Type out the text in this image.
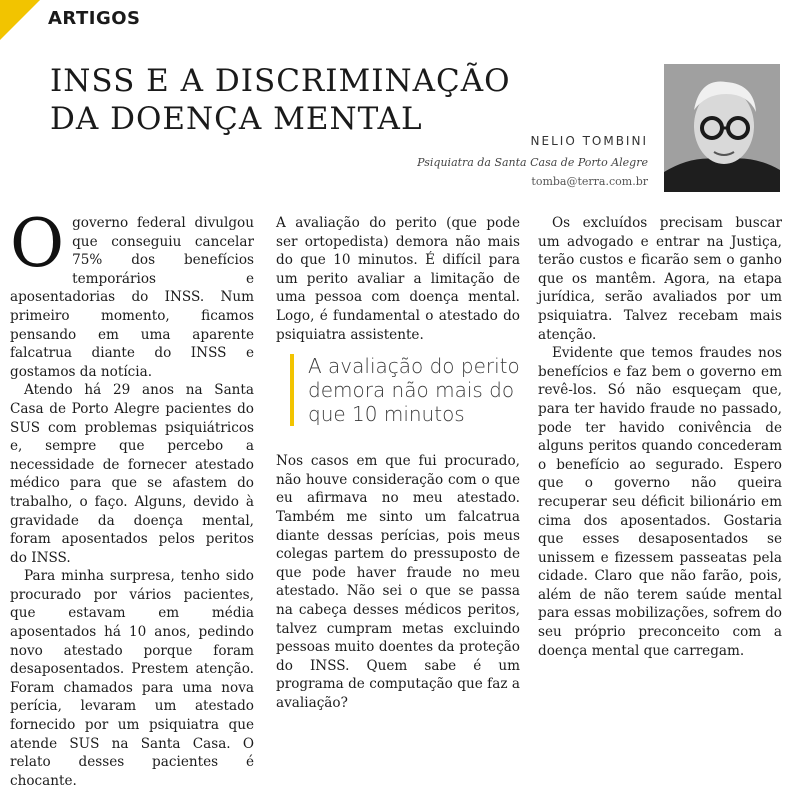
ARTIGOS
INSS E A DISCRIMINAÇÃO
DA DOENÇA MENTAL
NELIO TOMBINI
Psiquiatra da Santa Casa de Porto Alegre
tomba@terra.com.br

Ogoverno federal divulgou que conseguiu cancelar 75% dos benefícios temporários e aposentadorias do INSS. Num primeiro momento, ficamos pensando em uma aparente falcatrua diante do INSS e gostamos da notícia.

Atendo há 29 anos na Santa Casa de Porto Alegre pacientes do SUS com problemas psiquiátricos e, sempre que percebo a necessidade de fornecer atestado médico para que se afastem do trabalho, o faço. Alguns, devido à gravidade da doença mental, foram aposentados pelos peritos do INSS.

Para minha surpresa, tenho sido procurado por vários pacientes, que estavam em média aposentados há 10 anos, pedindo novo atestado porque foram desaposentados. Prestem atenção. Foram chamados para uma nova perícia, levaram um atestado fornecido por um psiquiatra que atende SUS na Santa Casa. O relato desses pacientes é chocante.

A avaliação do perito (que pode ser ortopedista) demora não mais do que 10 minutos. É difícil para um perito avaliar a limitação de uma pessoa com doença mental. Logo, é fundamental o atestado do psiquiatra assistente.

A avaliação do perito demora não mais do que 10 minutos

Nos casos em que fui procurado, não houve consideração com o que eu afirmava no meu atestado. Também me sinto um falcatrua diante dessas perícias, pois meus colegas partem do pressuposto de que pode haver fraude no meu atestado. Não sei o que se passa na cabeça desses médicos peritos, talvez cumpram metas excluindo pessoas muito doentes da proteção do INSS. Quem sabe é um programa de computação que faz a avaliação?

Os excluídos precisam buscar um advogado e entrar na Justiça, terão custos e ficarão sem o ganho que os mantêm. Agora, na etapa jurídica, serão avaliados por um psiquiatra. Talvez recebam mais atenção.

Evidente que temos fraudes nos benefícios e faz bem o governo em revê-los. Só não esqueçam que, para ter havido fraude no passado, pode ter havido conivência de alguns peritos quando concederam o benefício ao segurado. Espero que o governo não queira recuperar seu déficit bilionário em cima dos aposentados. Gostaria que esses desaposentados se unissem e fizessem passeatas pela cidade. Claro que não farão, pois, além de não terem saúde mental para essas mobilizações, sofrem do seu próprio preconceito com a doença mental que carregam.
